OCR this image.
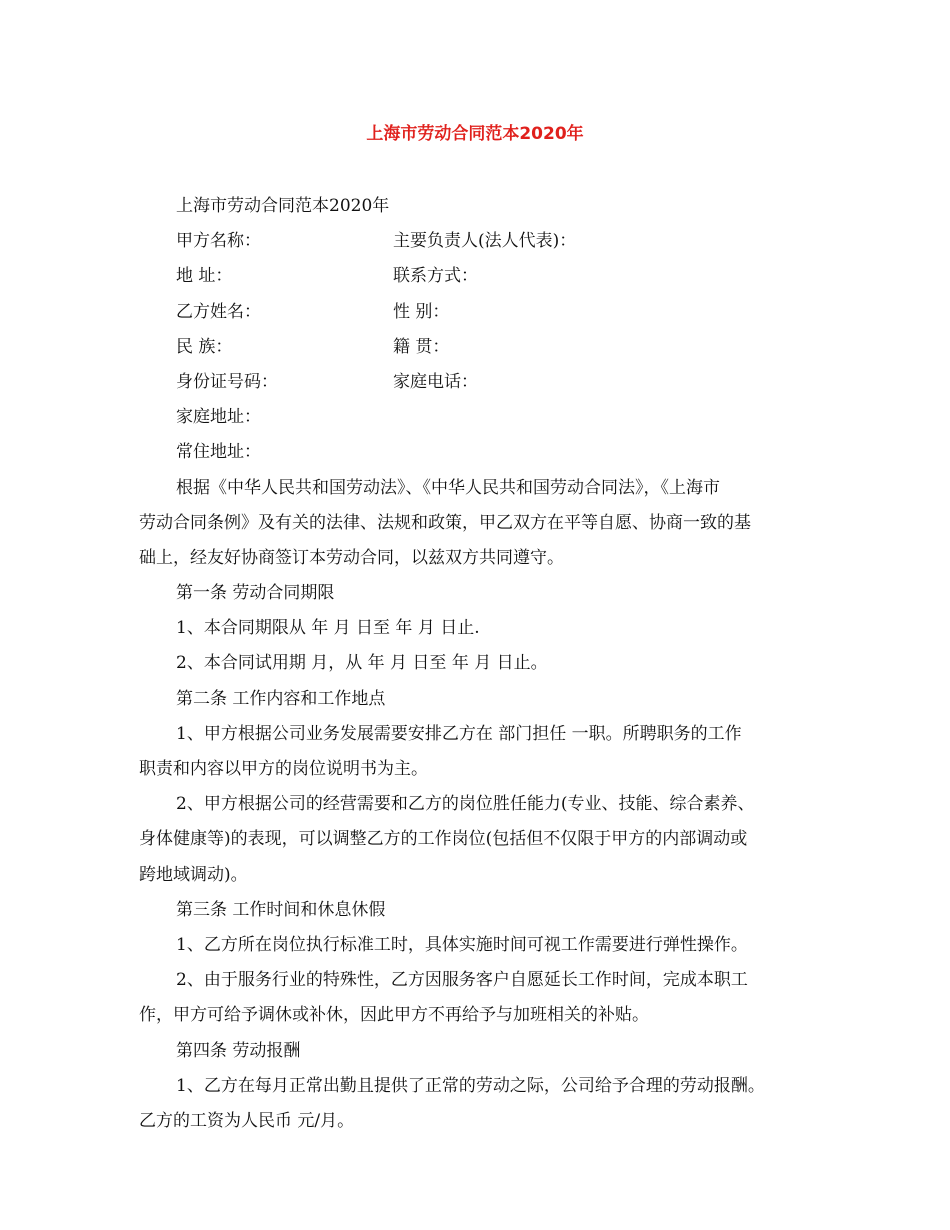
上海市劳动合同范本2020年
上海市劳动合同范本2020年
甲方名称：	主要负责人(法人代表)：
地 址：	联系方式：
乙方姓名：	性 别：
民 族：	籍 贯：
身份证号码：	家庭电话：
家庭地址：
常住地址：
根据《中华人民共和国劳动法》、《中华人民共和国劳动合同法》，《上海市
劳动合同条例》及有关的法律、法规和政策，甲乙双方在平等自愿、协商一致的基
础上，经友好协商签订本劳动合同，以兹双方共同遵守。
第一条 劳动合同期限
1、本合同期限从 年 月 日至 年 月 日止.
2、本合同试用期 月，从 年 月 日至 年 月 日止。
第二条 工作内容和工作地点
1、甲方根据公司业务发展需要安排乙方在 部门担任 一职。所聘职务的工作
职责和内容以甲方的岗位说明书为主。
2、甲方根据公司的经营需要和乙方的岗位胜任能力(专业、技能、综合素养、
身体健康等)的表现，可以调整乙方的工作岗位(包括但不仅限于甲方的内部调动或
跨地域调动)。
第三条 工作时间和休息休假
1、乙方所在岗位执行标准工时，具体实施时间可视工作需要进行弹性操作。
2、由于服务行业的特殊性，乙方因服务客户自愿延长工作时间，完成本职工
作，甲方可给予调休或补休，因此甲方不再给予与加班相关的补贴。
第四条 劳动报酬
1、乙方在每月正常出勤且提供了正常的劳动之际，公司给予合理的劳动报酬。
乙方的工资为人民币 元/月。
